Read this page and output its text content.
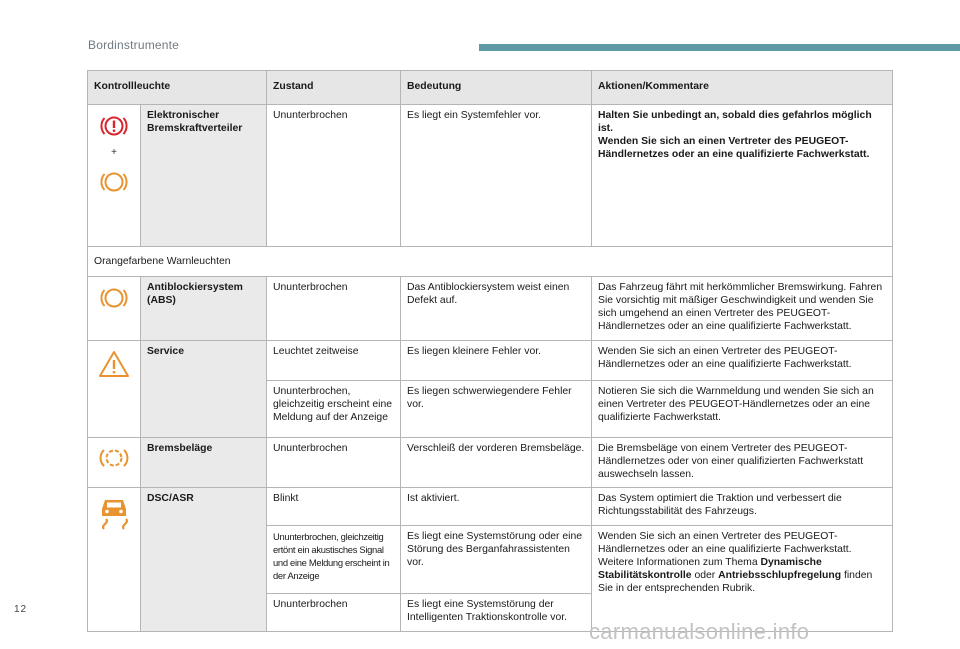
Bordinstrumente
Kontrollleuchte		Zustand	Bedeutung	Aktionen/Kommentare

+	Elektronischer Bremskraftverteiler	Ununterbrochen	Es liegt ein Systemfehler vor.	Halten Sie unbedingt an, sobald dies gefahrlos möglich ist.
Wenden Sie sich an einen Vertreter des PEUGEOT-Händlernetzes oder an eine qualifizierte Fachwerkstatt.

Orangefarbene Warnleuchten				

	Antiblockiersystem (ABS)	Ununterbrochen	Das Antiblockiersystem weist einen Defekt auf.	Das Fahrzeug fährt mit herkömmlicher Bremswirkung. Fahren Sie vorsichtig mit mäßiger Geschwindigkeit und wenden Sie sich umgehend an einen Vertreter des PEUGEOT-Händlernetzes oder an eine qualifizierte Fachwerkstatt.

	Service	Leuchtet zeitweise	Es liegen kleinere Fehler vor.	Wenden Sie sich an einen Vertreter des PEUGEOT-Händlernetzes oder an eine qualifizierte Fachwerkstatt.
		Ununterbrochen, gleichzeitig erscheint eine Meldung auf der Anzeige	Es liegen schwerwiegendere Fehler vor.	Notieren Sie sich die Warnmeldung und wenden Sie sich an einen Vertreter des PEUGEOT-Händlernetzes oder an eine qualifizierte Fachwerkstatt.

	Bremsbeläge	Ununterbrochen	Verschleiß der vorderen Bremsbeläge.	Die Bremsbeläge von einem Vertreter des PEUGEOT-Händlernetzes oder von einer qualifizierten Fachwerkstatt auswechseln lassen.

	DSC/ASR	Blinkt	Ist aktiviert.	Das System optimiert die Traktion und verbessert die Richtungsstabilität des Fahrzeugs.
		Ununterbrochen, gleichzeitig ertönt ein akustisches Signal und eine Meldung erscheint in der Anzeige	Es liegt eine Systemstörung oder eine Störung des Berganfahrassistenten vor.	Wenden Sie sich an einen Vertreter des PEUGEOT-Händlernetzes oder an eine qualifizierte Fachwerkstatt. Weitere Informationen zum Thema Dynamische Stabilitätskontrolle oder Antriebsschlupfregelung finden Sie in der entsprechenden Rubrik.
		Ununterbrochen	Es liegt eine Systemstörung der Intelligenten Traktionskontrolle vor.	
12
carmanualsonline.info
